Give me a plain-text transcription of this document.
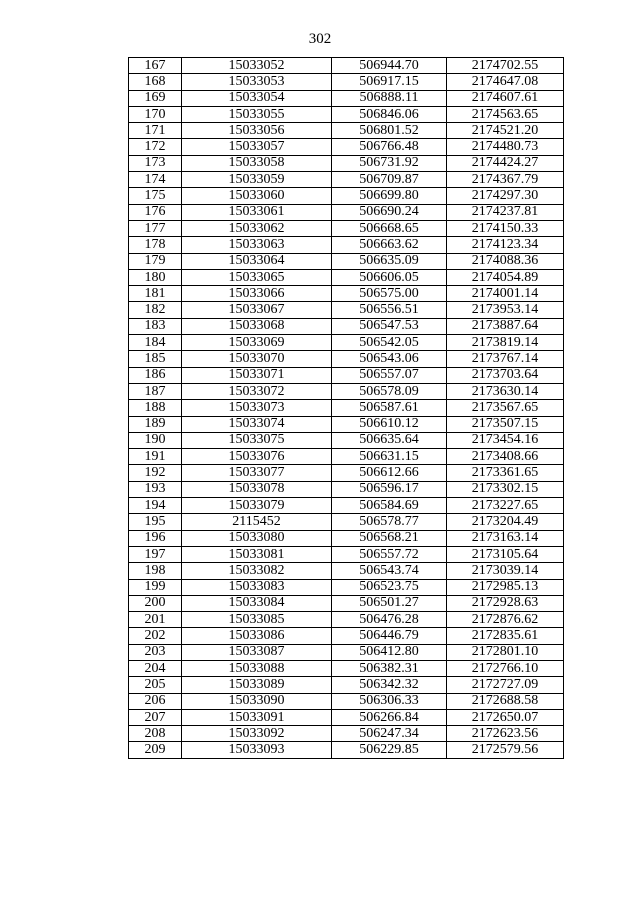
302
167	15033052	506944.70	2174702.55
168	15033053	506917.15	2174647.08
169	15033054	506888.11	2174607.61
170	15033055	506846.06	2174563.65
171	15033056	506801.52	2174521.20
172	15033057	506766.48	2174480.73
173	15033058	506731.92	2174424.27
174	15033059	506709.87	2174367.79
175	15033060	506699.80	2174297.30
176	15033061	506690.24	2174237.81
177	15033062	506668.65	2174150.33
178	15033063	506663.62	2174123.34
179	15033064	506635.09	2174088.36
180	15033065	506606.05	2174054.89
181	15033066	506575.00	2174001.14
182	15033067	506556.51	2173953.14
183	15033068	506547.53	2173887.64
184	15033069	506542.05	2173819.14
185	15033070	506543.06	2173767.14
186	15033071	506557.07	2173703.64
187	15033072	506578.09	2173630.14
188	15033073	506587.61	2173567.65
189	15033074	506610.12	2173507.15
190	15033075	506635.64	2173454.16
191	15033076	506631.15	2173408.66
192	15033077	506612.66	2173361.65
193	15033078	506596.17	2173302.15
194	15033079	506584.69	2173227.65
195	2115452	506578.77	2173204.49
196	15033080	506568.21	2173163.14
197	15033081	506557.72	2173105.64
198	15033082	506543.74	2173039.14
199	15033083	506523.75	2172985.13
200	15033084	506501.27	2172928.63
201	15033085	506476.28	2172876.62
202	15033086	506446.79	2172835.61
203	15033087	506412.80	2172801.10
204	15033088	506382.31	2172766.10
205	15033089	506342.32	2172727.09
206	15033090	506306.33	2172688.58
207	15033091	506266.84	2172650.07
208	15033092	506247.34	2172623.56
209	15033093	506229.85	2172579.56
